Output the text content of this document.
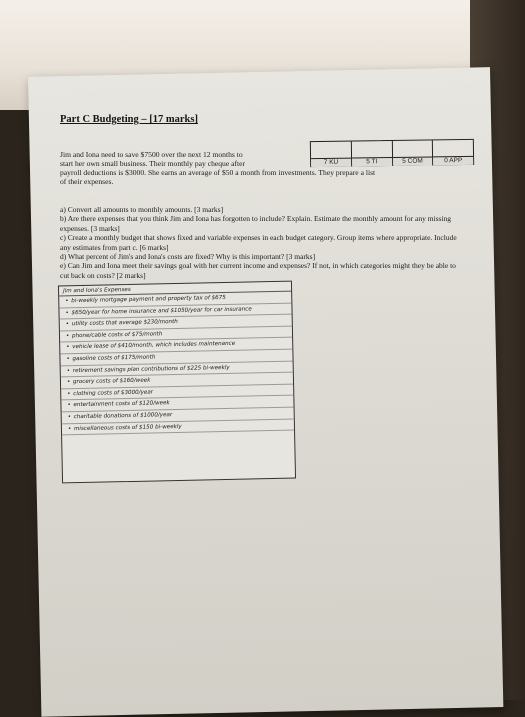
Part C Budgeting – [17 marks]
7 KU	5 TI	5 COM	0 APP
Jim and Iona need to save $7500 over the next 12 months to
start her own small business. Their monthly pay cheque after
payroll deductions is $3000. She earns an average of $50 a month from investments. They prepare a list
of their expenses.

a) Convert all amounts to monthly amounts. [3 marks]

b) Are there expenses that you think Jim and Iona has forgotten to include? Explain. Estimate the monthly amount for any missing expenses. [3 marks]

c) Create a monthly budget that shows fixed and variable expenses in each budget category. Group items where appropriate. Include any estimates from part c. [6 marks]

d) What percent of Jim's and Iona's costs are fixed? Why is this important? [3 marks]

e) Can Jim and Iona meet their savings goal with her current income and expenses? If not, in which categories might they be able to cut back on costs? [2 marks]

Jim and Iona's Expenses
• bi-weekly mortgage payment and property tax of $675
• $650/year for home insurance and $1050/year for car insurance
• utility costs that average $230/month
• phone/cable costs of $75/month
• vehicle lease of $410/month, which includes maintenance
• gasoline costs of $175/month
• retirement savings plan contributions of $225 bi-weekly
• grocery costs of $160/week
• clothing costs of $3000/year
• entertainment costs of $120/week
• charitable donations of $1000/year
• miscellaneous costs of $150 bi-weekly
